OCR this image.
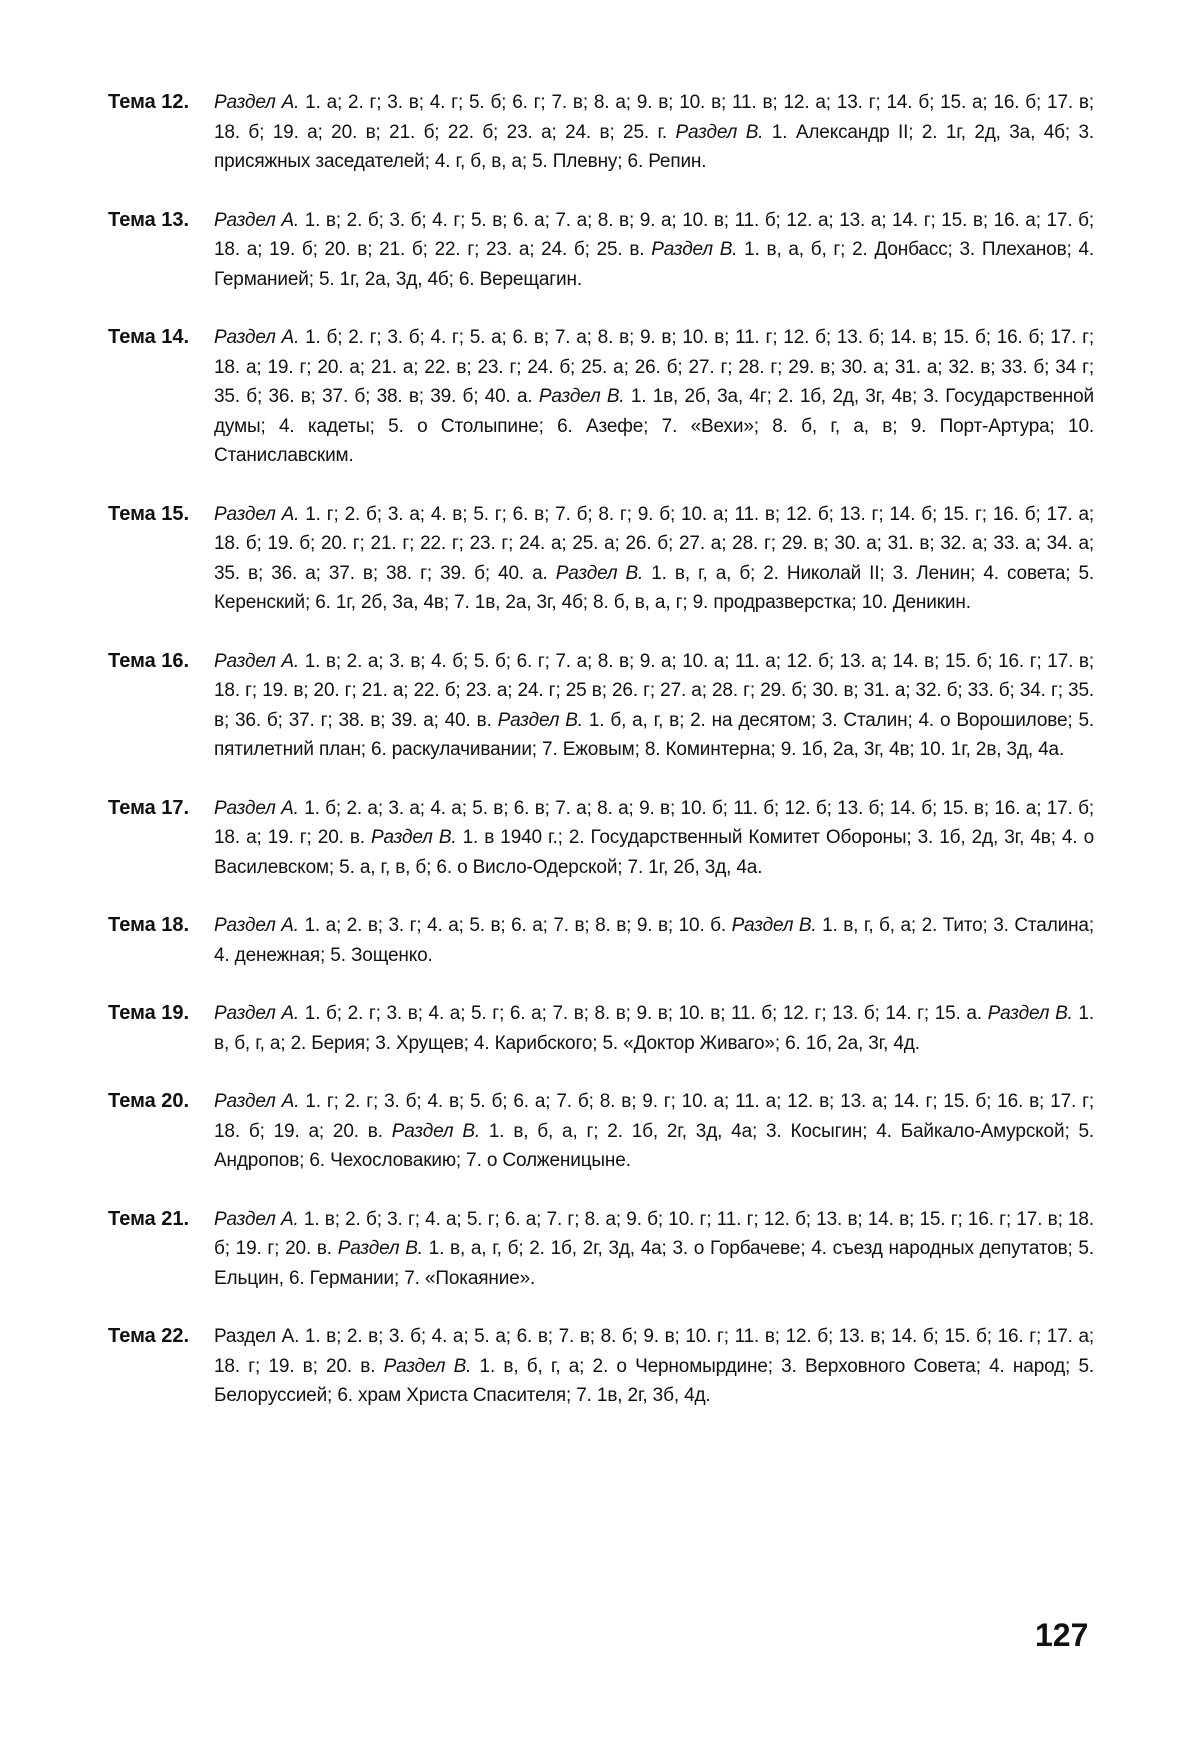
Тема 12.	Раздел А. 1. а; 2. г; 3. в; 4. г; 5. б; 6. г; 7. в; 8. а; 9. в; 10. в; 11. в; 12. а; 13. г; 14. б; 15. а; 16. б; 17. в; 18. б; 19. а; 20. в; 21. б; 22. б; 23. а; 24. в; 25. г. Раздел В. 1. Александр II; 2. 1г, 2д, 3а, 4б; 3. присяжных заседателей; 4. г, б, в, а; 5. Плевну; 6. Репин.
Тема 13.	Раздел А. 1. в; 2. б; 3. б; 4. г; 5. в; 6. а; 7. а; 8. в; 9. а; 10. в; 11. б; 12. а; 13. а; 14. г; 15. в; 16. а; 17. б; 18. а; 19. б; 20. в; 21. б; 22. г; 23. а; 24. б; 25. в. Раздел В. 1. в, а, б, г; 2. Донбасс; 3. Плеханов; 4. Германией; 5. 1г, 2а, 3д, 4б; 6. Верещагин.
Тема 14.	Раздел А. 1. б; 2. г; 3. б; 4. г; 5. а; 6. в; 7. а; 8. в; 9. в; 10. в; 11. г; 12. б; 13. б; 14. в; 15. б; 16. б; 17. г; 18. а; 19. г; 20. а; 21. а; 22. в; 23. г; 24. б; 25. а; 26. б; 27. г; 28. г; 29. в; 30. а; 31. а; 32. в; 33. б; 34 г; 35. б; 36. в; 37. б; 38. в; 39. б; 40. а. Раздел В. 1. 1в, 2б, 3а, 4г; 2. 1б, 2д, 3г, 4в; 3. Государственной думы; 4. кадеты; 5. о Столыпине; 6. Азефе; 7. «Вехи»; 8. б, г, а, в; 9. Порт-Артура; 10. Станиславским.
Тема 15.	Раздел А. 1. г; 2. б; 3. а; 4. в; 5. г; 6. в; 7. б; 8. г; 9. б; 10. а; 11. в; 12. б; 13. г; 14. б; 15. г; 16. б; 17. а; 18. б; 19. б; 20. г; 21. г; 22. г; 23. г; 24. а; 25. а; 26. б; 27. а; 28. г; 29. в; 30. а; 31. в; 32. а; 33. а; 34. а; 35. в; 36. а; 37. в; 38. г; 39. б; 40. а. Раздел В. 1. в, г, а, б; 2. Николай II; 3. Ленин; 4. совета; 5. Керенский; 6. 1г, 2б, 3а, 4в; 7. 1в, 2а, 3г, 4б; 8. б, в, а, г; 9. продразверстка; 10. Деникин.
Тема 16.	Раздел А. 1. в; 2. а; 3. в; 4. б; 5. б; 6. г; 7. а; 8. в; 9. а; 10. а; 11. а; 12. б; 13. а; 14. в; 15. б; 16. г; 17. в; 18. г; 19. в; 20. г; 21. а; 22. б; 23. а; 24. г; 25 в; 26. г; 27. а; 28. г; 29. б; 30. в; 31. а; 32. б; 33. б; 34. г; 35. в; 36. б; 37. г; 38. в; 39. а; 40. в. Раздел В. 1. б, а, г, в; 2. на десятом; 3. Сталин; 4. о Ворошилове; 5. пятилетний план; 6. раскулачивании; 7. Ежовым; 8. Коминтерна; 9. 1б, 2а, 3г, 4в; 10. 1г, 2в, 3д, 4а.
Тема 17.	Раздел А. 1. б; 2. а; 3. а; 4. а; 5. в; 6. в; 7. а; 8. а; 9. в; 10. б; 11. б; 12. б; 13. б; 14. б; 15. в; 16. а; 17. б; 18. а; 19. г; 20. в. Раздел В. 1. в 1940 г.; 2. Государственный Комитет Обороны; 3. 1б, 2д, 3г, 4в; 4. о Василевском; 5. а, г, в, б; 6. о Висло-Одерской; 7. 1г, 2б, 3д, 4а.
Тема 18.	Раздел А. 1. а; 2. в; 3. г; 4. а; 5. в; 6. а; 7. в; 8. в; 9. в; 10. б. Раздел В. 1. в, г, б, а; 2. Тито; 3. Сталина; 4. денежная; 5. Зощенко.
Тема 19.	Раздел А. 1. б; 2. г; 3. в; 4. а; 5. г; 6. а; 7. в; 8. в; 9. в; 10. в; 11. б; 12. г; 13. б; 14. г; 15. а. Раздел В. 1. в, б, г, а; 2. Берия; 3. Хрущев; 4. Карибского; 5. «Доктор Живаго»; 6. 1б, 2а, 3г, 4д.
Тема 20.	Раздел А. 1. г; 2. г; 3. б; 4. в; 5. б; 6. а; 7. б; 8. в; 9. г; 10. а; 11. а; 12. в; 13. а; 14. г; 15. б; 16. в; 17. г; 18. б; 19. а; 20. в. Раздел В. 1. в, б, а, г; 2. 1б, 2г, 3д, 4а; 3. Косыгин; 4. Байкало-Амурской; 5. Андропов; 6. Чехословакию; 7. о Солженицыне.
Тема 21.	Раздел А. 1. в; 2. б; 3. г; 4. а; 5. г; 6. а; 7. г; 8. а; 9. б; 10. г; 11. г; 12. б; 13. в; 14. в; 15. г; 16. г; 17. в; 18. б; 19. г; 20. в. Раздел В. 1. в, а, г, б; 2. 1б, 2г, 3д, 4а; 3. о Горбачеве; 4. съезд народных депутатов; 5. Ельцин, 6. Германии; 7. «Покаяние».
Тема 22.	Раздел А. 1. в; 2. в; 3. б; 4. а; 5. а; 6. в; 7. в; 8. б; 9. в; 10. г; 11. в; 12. б; 13. в; 14. б; 15. б; 16. г; 17. а; 18. г; 19. в; 20. в. Раздел В. 1. в, б, г, а; 2. о Черномырдине; 3. Верховного Совета; 4. народ; 5. Белоруссией; 6. храм Христа Спасителя; 7. 1в, 2г, 3б, 4д.
127
